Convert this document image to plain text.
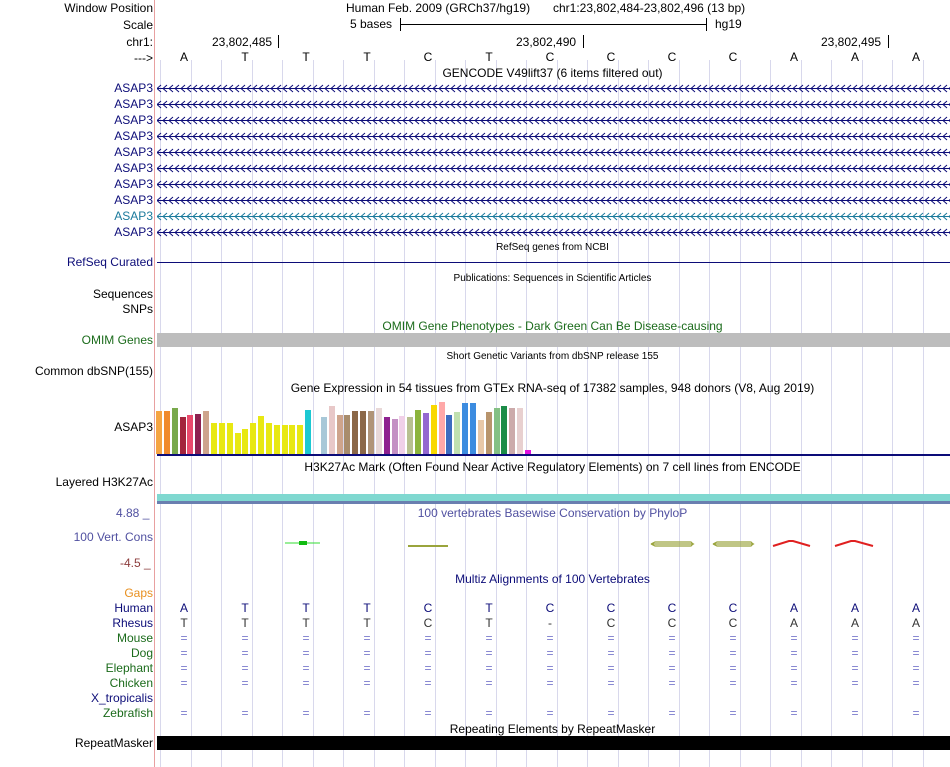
Window Position	Human Feb. 2009 (GRCh37/hg19) chr1:23,802,484-23,802,496 (13 bp)
Scale	5 bases	hg19
chr1:	23,802,485	23,802,490	23,802,495
---> A	T	T	T	C	T	C	C	C	C	A	A	A
GENCODE V49lift37 (6 items filtered out)
ASAP3
ASAP3
ASAP3
ASAP3
ASAP3
ASAP3
ASAP3
ASAP3
ASAP3
ASAP3
RefSeq genes from NCBI
RefSeq Curated
Publications: Sequences in Scientific Articles
Sequences
SNPs
OMIM Gene Phenotypes - Dark Green Can Be Disease-causing
OMIM Genes
Short Genetic Variants from dbSNP release 155
Common dbSNP(155)
Gene Expression in 54 tissues from GTEx RNA-seq of 17382 samples, 948 donors (V8, Aug 2019)
ASAP3
H3K27Ac Mark (Often Found Near Active Regulatory Elements) on 7 cell lines from ENCODE
Layered H3K27Ac
4.88 _	100 vertebrates Basewise Conservation by PhyloP
100 Vert. Cons
-4.5 _
Multiz Alignments of 100 Vertebrates
Gaps
Human A	T	T	T	C	T	C	C	C	C	A	A	A
Rhesus T	T	T	T	C	T	-	C	C	C	A	A	A
Mouse =	=	=	=	=	=	=	=	=	=	=	=	=
Dog =	=	=	=	=	=	=	=	=	=	=	=	=
Elephant =	=	=	=	=	=	=	=	=	=	=	=	=
Chicken =	=	=	=	=	=	=	=	=	=	=	=	=
X_tropicalis
Zebrafish =	=	=	=	=	=	=	=	=	=	=	=	=
RepeatMasker
Repeating Elements by RepeatMasker
